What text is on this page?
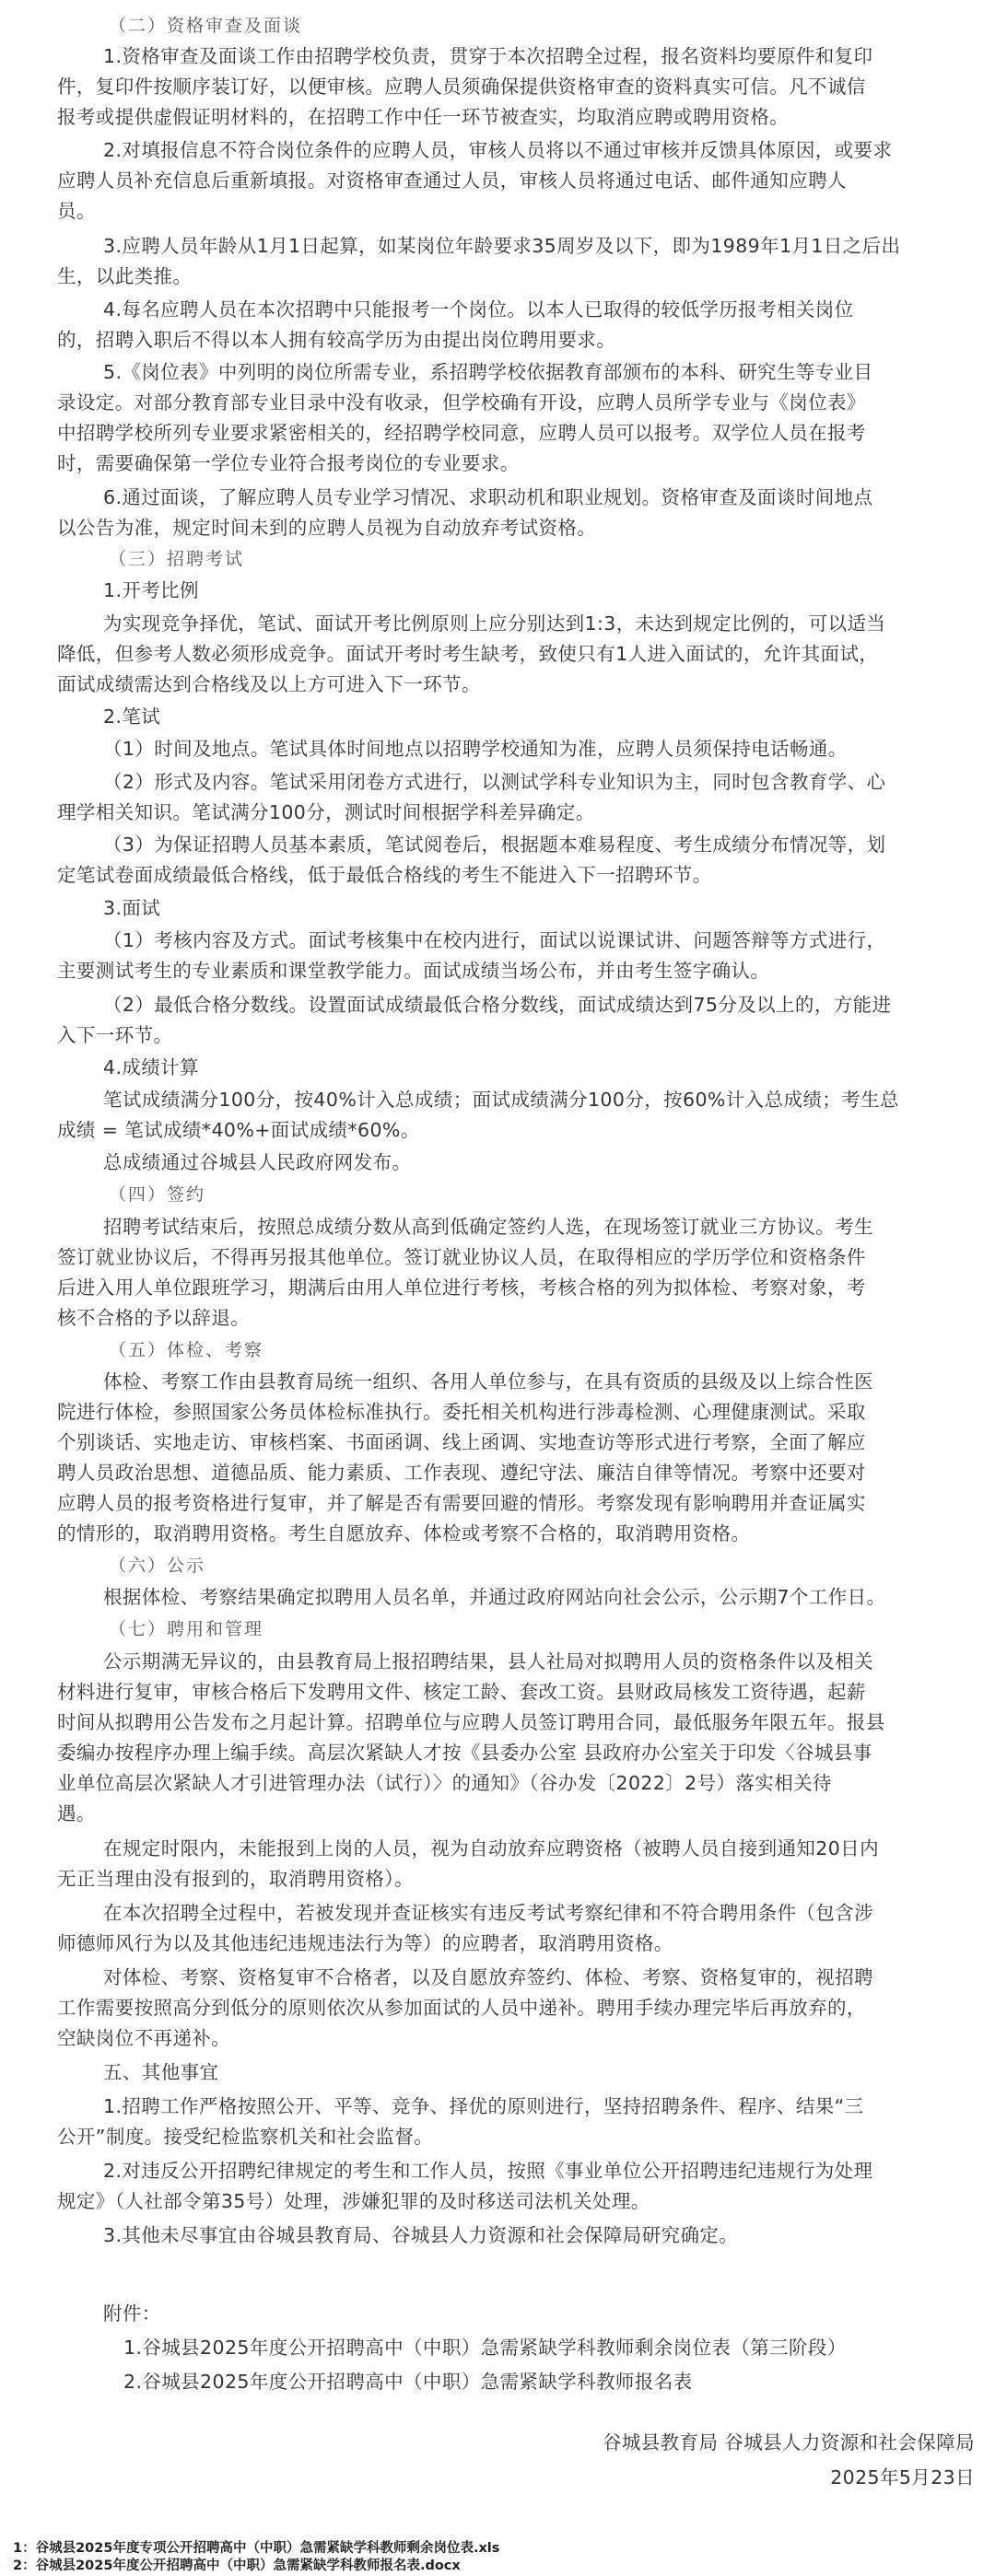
2.谷城县2025年度公开招聘高中（中职）急需紧缺学科教师报名表
1.谷城县2025年度公开招聘高中（中职）急需紧缺学科教师剩余岗位表（第三阶段）
附件：
3.其他未尽事宜由谷城县教育局、谷城县人力资源和社会保障局研究确定。
规定》（人社部令第35号）处理，涉嫌犯罪的及时移送司法机关处理。
2.对违反公开招聘纪律规定的考生和工作人员，按照《事业单位公开招聘违纪违规行为处理
公开”制度。接受纪检监察机关和社会监督。
1.招聘工作严格按照公开、平等、竞争、择优的原则进行，坚持招聘条件、程序、结果“三
五、其他事宜
空缺岗位不再递补。
工作需要按照高分到低分的原则依次从参加面试的人员中递补。聘用手续办理完毕后再放弃的，
对体检、考察、资格复审不合格者，以及自愿放弃签约、体检、考察、资格复审的，视招聘
师德师风行为以及其他违纪违规违法行为等）的应聘者，取消聘用资格。
在本次招聘全过程中，若被发现并查证核实有违反考试考察纪律和不符合聘用条件（包含涉
无正当理由没有报到的，取消聘用资格）。
在规定时限内，未能报到上岗的人员，视为自动放弃应聘资格（被聘人员自接到通知20日内
遇。
业单位高层次紧缺人才引进管理办法（试行）〉的通知》（谷办发〔2022〕2号）落实相关待
委编办按程序办理上编手续。高层次紧缺人才按《县委办公室 县政府办公室关于印发〈谷城县事
时间从拟聘用公告发布之月起计算。招聘单位与应聘人员签订聘用合同，最低服务年限五年。报县
材料进行复审，审核合格后下发聘用文件、核定工龄、套改工资。县财政局核发工资待遇，起薪
公示期满无异议的，由县教育局上报招聘结果，县人社局对拟聘用人员的资格条件以及相关
（七）聘用和管理
根据体检、考察结果确定拟聘用人员名单，并通过政府网站向社会公示，公示期7个工作日。
（六）公示
的情形的，取消聘用资格。考生自愿放弃、体检或考察不合格的，取消聘用资格。
应聘人员的报考资格进行复审，并了解是否有需要回避的情形。考察发现有影响聘用并查证属实
聘人员政治思想、道德品质、能力素质、工作表现、遵纪守法、廉洁自律等情况。考察中还要对
个别谈话、实地走访、审核档案、书面函调、线上函调、实地查访等形式进行考察，全面了解应
院进行体检，参照国家公务员体检标准执行。委托相关机构进行涉毒检测、心理健康测试。采取
体检、考察工作由县教育局统一组织、各用人单位参与，在具有资质的县级及以上综合性医
（五）体检、考察
核不合格的予以辞退。
后进入用人单位跟班学习，期满后由用人单位进行考核，考核合格的列为拟体检、考察对象，考
签订就业协议后，不得再另报其他单位。签订就业协议人员，在取得相应的学历学位和资格条件
招聘考试结束后，按照总成绩分数从高到低确定签约人选，在现场签订就业三方协议。考生
（四）签约
总成绩通过谷城县人民政府网发布。
成绩 = 笔试成绩*40%+面试成绩*60%。
笔试成绩满分100分，按40%计入总成绩；面试成绩满分100分，按60%计入总成绩；考生总
4.成绩计算
入下一环节。
（2）最低合格分数线。设置面试成绩最低合格分数线，面试成绩达到75分及以上的，方能进
主要测试考生的专业素质和课堂教学能力。面试成绩当场公布，并由考生签字确认。
（1）考核内容及方式。面试考核集中在校内进行，面试以说课试讲、问题答辩等方式进行，
3.面试
定笔试卷面成绩最低合格线，低于最低合格线的考生不能进入下一招聘环节。
（3）为保证招聘人员基本素质，笔试阅卷后，根据题本难易程度、考生成绩分布情况等，划
理学相关知识。笔试满分100分，测试时间根据学科差异确定。
（2）形式及内容。笔试采用闭卷方式进行，以测试学科专业知识为主，同时包含教育学、心
（1）时间及地点。笔试具体时间地点以招聘学校通知为准，应聘人员须保持电话畅通。
2.笔试
面试成绩需达到合格线及以上方可进入下一环节。
降低，但参考人数必须形成竞争。面试开考时考生缺考，致使只有1人进入面试的，允许其面试，
为实现竞争择优，笔试、面试开考比例原则上应分别达到1:3，未达到规定比例的，可以适当
1.开考比例
（三）招聘考试
以公告为准，规定时间未到的应聘人员视为自动放弃考试资格。
6.通过面谈，了解应聘人员专业学习情况、求职动机和职业规划。资格审查及面谈时间地点
时，需要确保第一学位专业符合报考岗位的专业要求。
中招聘学校所列专业要求紧密相关的，经招聘学校同意，应聘人员可以报考。双学位人员在报考
录设定。对部分教育部专业目录中没有收录，但学校确有开设，应聘人员所学专业与《岗位表》
5.《岗位表》中列明的岗位所需专业，系招聘学校依据教育部颁布的本科、研究生等专业目
的，招聘入职后不得以本人拥有较高学历为由提出岗位聘用要求。
4.每名应聘人员在本次招聘中只能报考一个岗位。以本人已取得的较低学历报考相关岗位
生，以此类推。
3.应聘人员年龄从1月1日起算，如某岗位年龄要求35周岁及以下，即为1989年1月1日之后出
员。
应聘人员补充信息后重新填报。对资格审查通过人员，审核人员将通过电话、邮件通知应聘人
2.对填报信息不符合岗位条件的应聘人员，审核人员将以不通过审核并反馈具体原因，或要求
报考或提供虚假证明材料的，在招聘工作中任一环节被查实，均取消应聘或聘用资格。
件，复印件按顺序装订好，以便审核。应聘人员须确保提供资格审查的资料真实可信。凡不诚信
1.资格审查及面谈工作由招聘学校负责，贯穿于本次招聘全过程，报名资料均要原件和复印
（二）资格审查及面谈
谷城县教育局 谷城县人力资源和社会保障局
2025年5月23日
1：谷城县2025年度专项公开招聘高中（中职）急需紧缺学科教师剩余岗位表.xls
2：谷城县2025年度公开招聘高中（中职）急需紧缺学科教师报名表.docx
